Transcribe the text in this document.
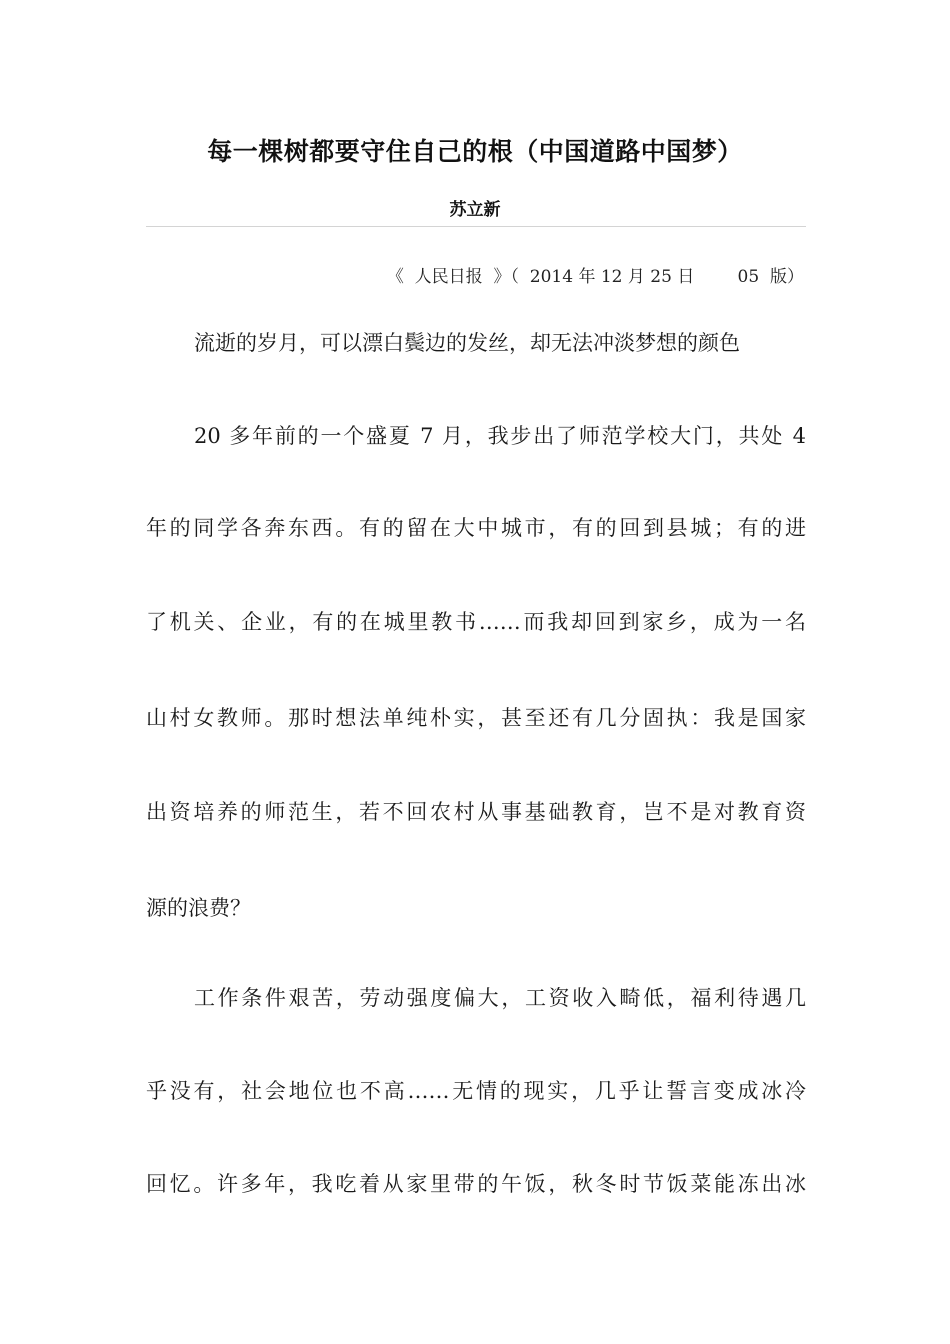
每一棵树都要守住自己的根（中国道路中国梦）
苏立新
《  人民日报  》（  2014 年 12 月 25 日        05  版）
流逝的岁月，可以漂白鬓边的发丝，却无法冲淡梦想的颜色
20 多年前的一个盛夏 7 月，我步出了师范学校大门，共处 4
年的同学各奔东西。有的留在大中城市，有的回到县城；有的进
了机关、企业，有的在城里教书……而我却回到家乡，成为一名
山村女教师。那时想法单纯朴实，甚至还有几分固执：我是国家
出资培养的师范生，若不回农村从事基础教育，岂不是对教育资
源的浪费？
工作条件艰苦，劳动强度偏大，工资收入畸低，福利待遇几
乎没有，社会地位也不高……无情的现实，几乎让誓言变成冰冷
回忆。许多年，我吃着从家里带的午饭，秋冬时节饭菜能冻出冰
